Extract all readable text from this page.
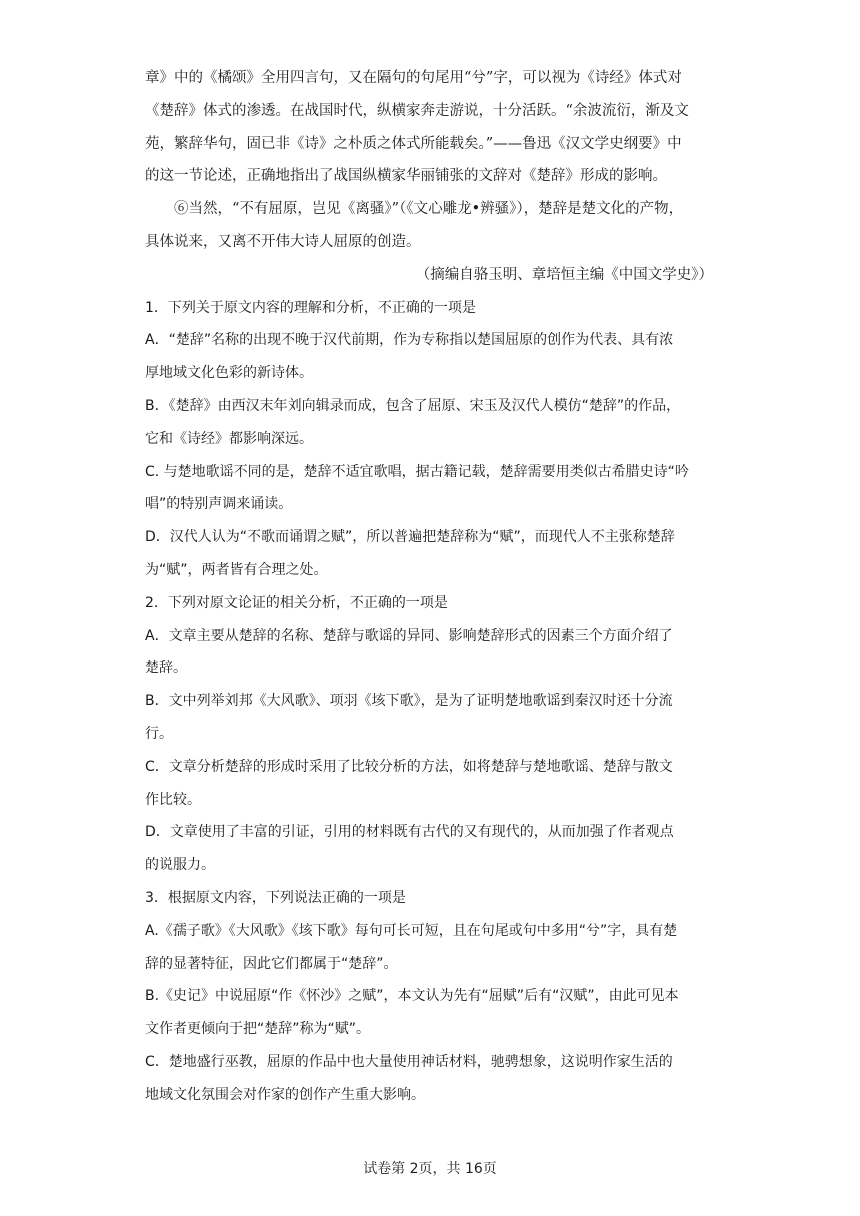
章》中的《橘颂》全用四言句，又在隔句的句尾用“兮”字，可以视为《诗经》体式对
《楚辞》体式的渗透。在战国时代，纵横家奔走游说，十分活跃。“余波流衍，渐及文
苑，繁辞华句，固已非《诗》之朴质之体式所能载矣。”——鲁迅《汉文学史纲要》中
的这一节论述，正确地指出了战国纵横家华丽铺张的文辞对《楚辞》形成的影响。
⑥当然，“不有屈原，岂见《离骚》”（《文心雕龙•辨骚》），楚辞是楚文化的产物，
具体说来，又离不开伟大诗人屈原的创造。
（摘编自骆玉明、章培恒主编《中国文学史》）
1．下列关于原文内容的理解和分析，不正确的一项是
A．“楚辞”名称的出现不晚于汉代前期，作为专称指以楚国屈原的创作为代表、具有浓
厚地域文化色彩的新诗体。
B．《楚辞》由西汉末年刘向辑录而成，包含了屈原、宋玉及汉代人模仿“楚辞”的作品，
它和《诗经》都影响深远。
C. 与楚地歌谣不同的是，楚辞不适宜歌唱，据古籍记载，楚辞需要用类似古希腊史诗“吟
唱”的特别声调来诵读。
D．汉代人认为“不歌而诵谓之赋”，所以普遍把楚辞称为“赋”，而现代人不主张称楚辞
为“赋”，两者皆有合理之处。
2．下列对原文论证的相关分析，不正确的一项是
A．文章主要从楚辞的名称、楚辞与歌谣的异同、影响楚辞形式的因素三个方面介绍了
楚辞。
B．文中列举刘邦《大风歌》、项羽《垓下歌》，是为了证明楚地歌谣到秦汉时还十分流
行。
C．文章分析楚辞的形成时采用了比较分析的方法，如将楚辞与楚地歌谣、楚辞与散文
作比较。
D．文章使用了丰富的引证，引用的材料既有古代的又有现代的，从而加强了作者观点
的说服力。
3．根据原文内容，下列说法正确的一项是
A.《孺子歌》《大风歌》《垓下歌》每句可长可短，且在句尾或句中多用“兮”字，具有楚
辞的显著特征，因此它们都属于“楚辞”。
B.《史记》中说屈原“作《怀沙》之赋”，本文认为先有“屈赋”后有“汉赋”，由此可见本
文作者更倾向于把“楚辞”称为“赋”。
C．楚地盛行巫教，屈原的作品中也大量使用神话材料，驰骋想象，这说明作家生活的
地域文化氛围会对作家的创作产生重大影响。
试卷第 2页，共 16页
